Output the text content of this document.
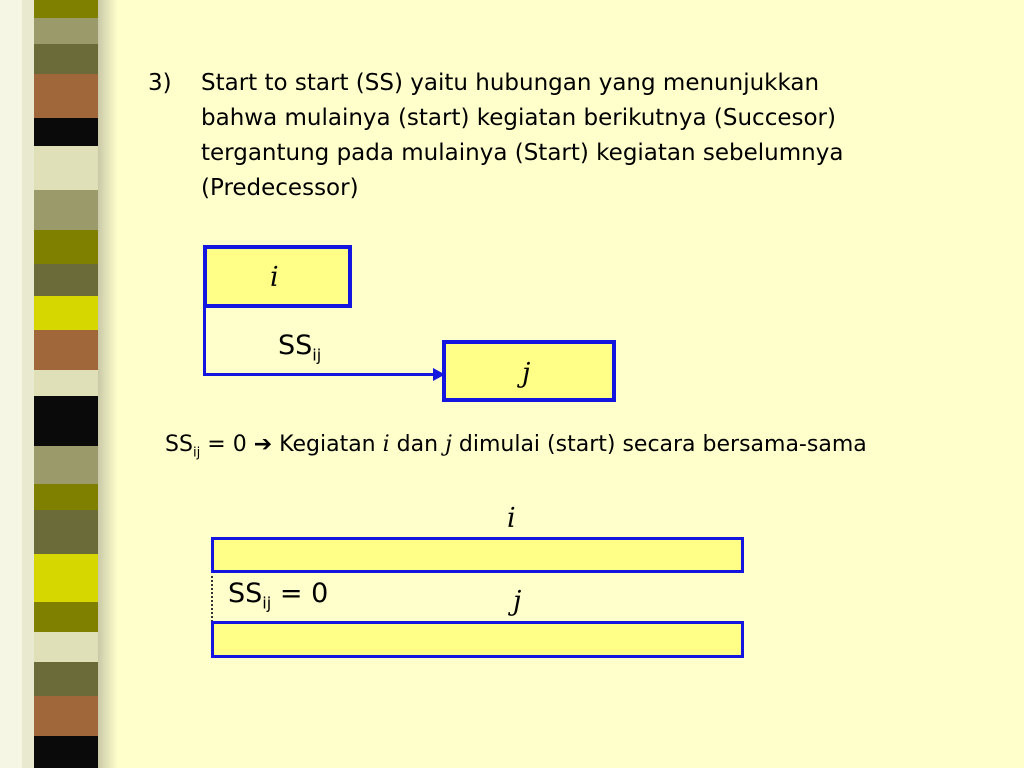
3) Start to start (SS) yaitu hubungan yang menunjukkan
bahwa mulainya (start) kegiatan berikutnya (Succesor)
tergantung pada mulainya (Start) kegiatan sebelumnya
(Predecessor)
i
$SS_{ij}$
j
$SS_{ij} = 0$ ➔ Kegiatan i dan j dimulai (start) secara bersama-sama
i
$SS_{ij} = 0$	j
